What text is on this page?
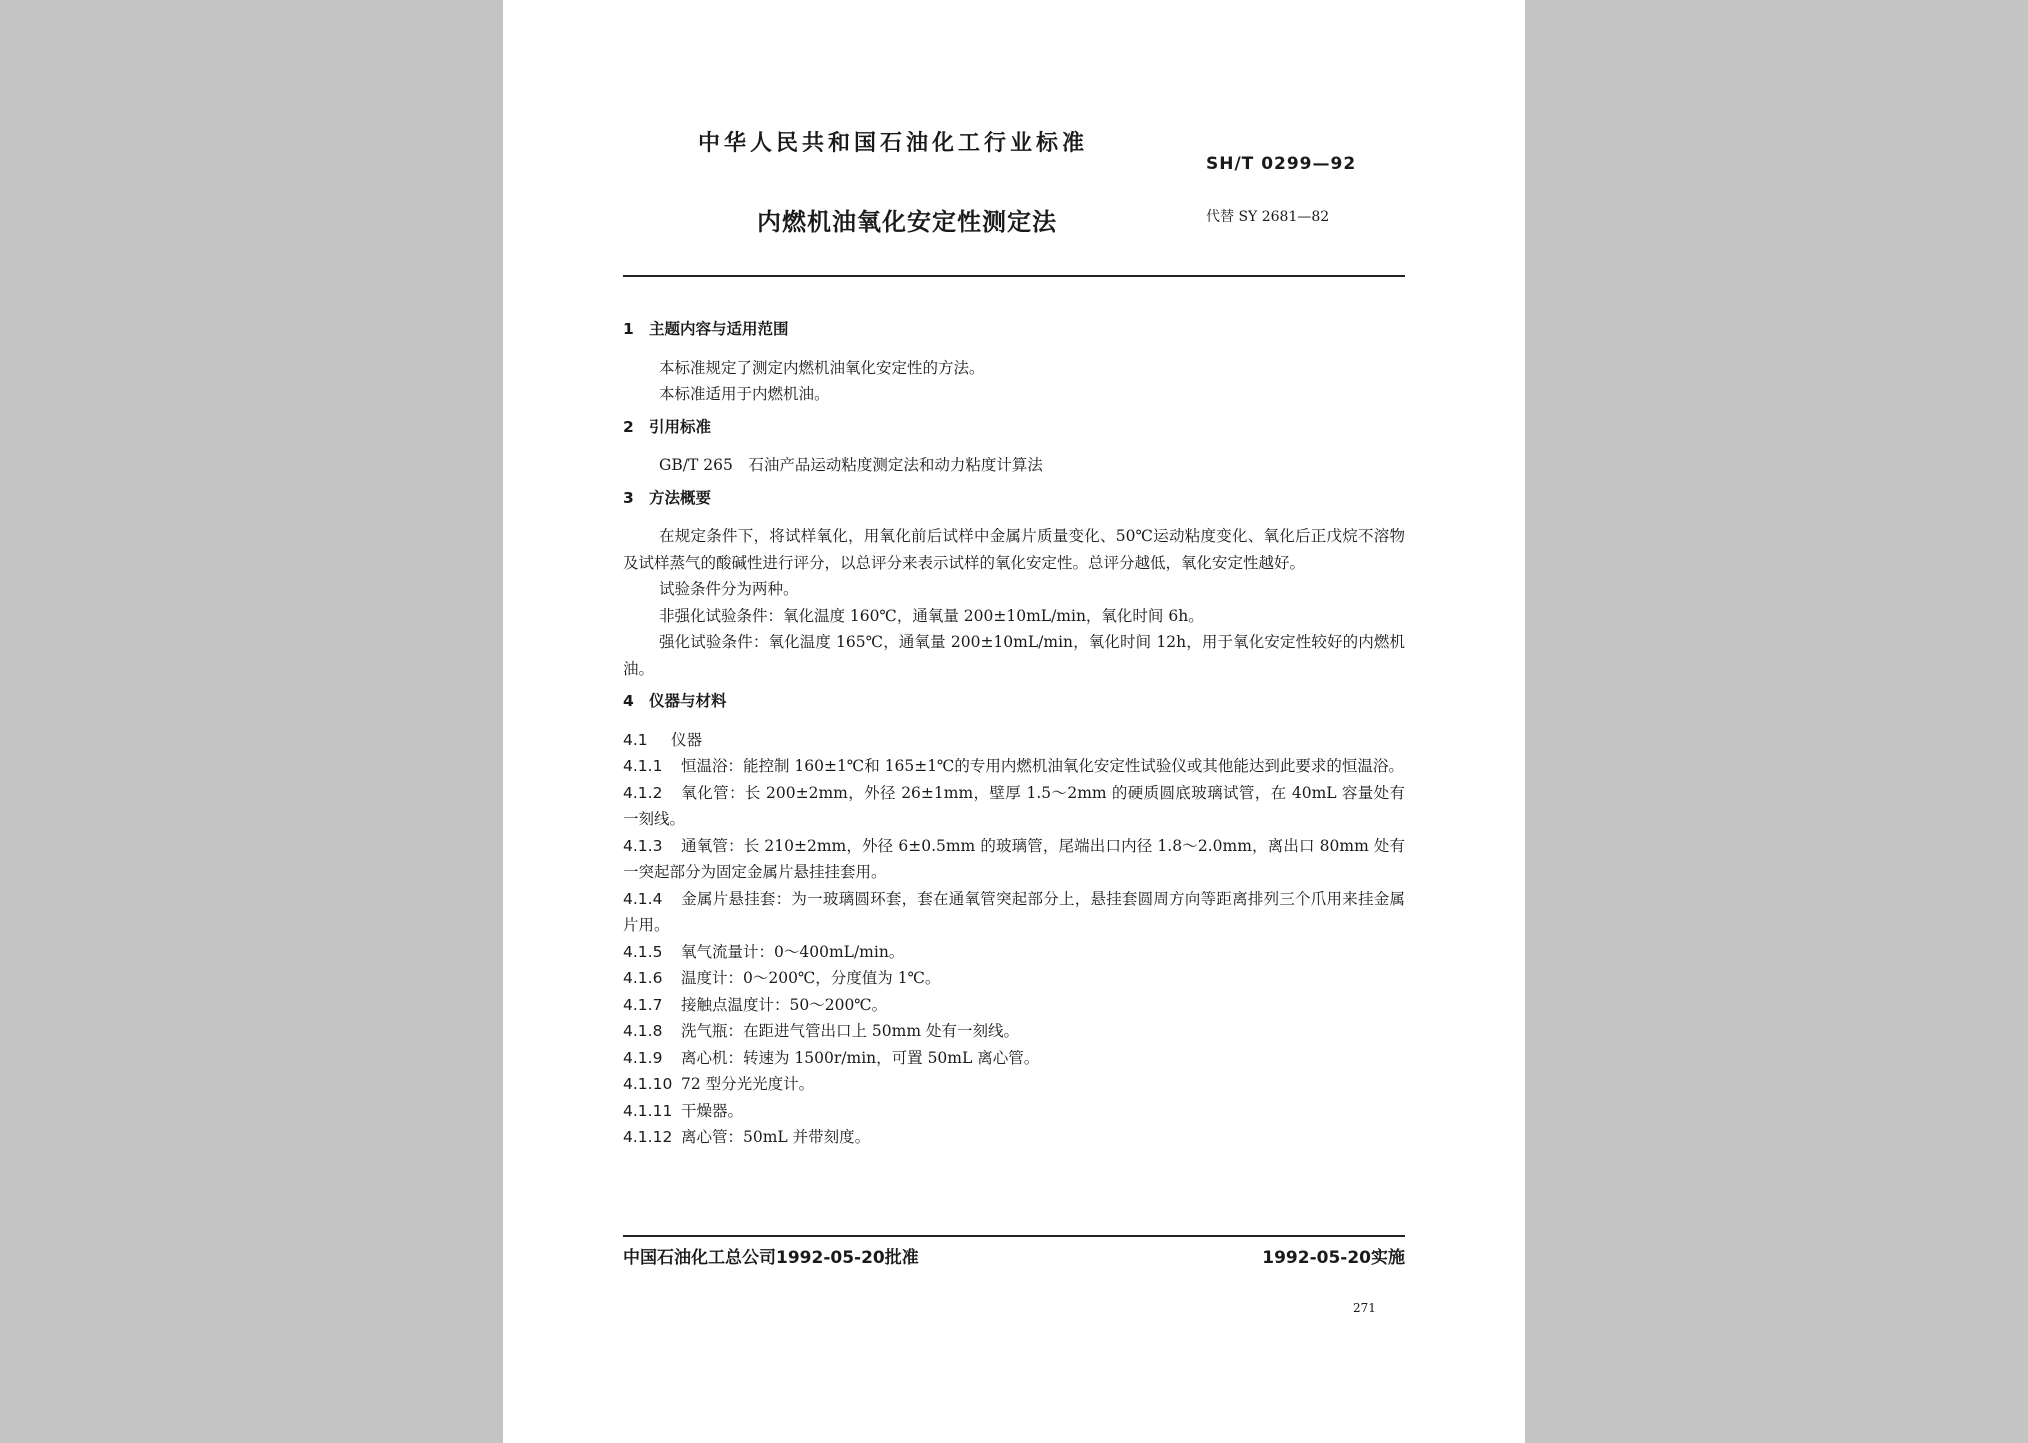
中华人民共和国石油化工行业标准
SH/T 0299—92
内燃机油氧化安定性测定法	代替 SY 2681—82

1 主题内容与适用范围

本标准规定了测定内燃机油氧化安定性的方法。

本标准适用于内燃机油。

2 引用标准

GB/T 265　石油产品运动粘度测定法和动力粘度计算法

3 方法概要

在规定条件下，将试样氧化，用氧化前后试样中金属片质量变化、50℃运动粘度变化、氧化后正戊烷不溶物及试样蒸气的酸碱性进行评分，以总评分来表示试样的氧化安定性。总评分越低，氧化安定性越好。

试验条件分为两种。

非强化试验条件：氧化温度 160℃，通氧量 200±10mL/min，氧化时间 6h。

强化试验条件：氧化温度 165℃，通氧量 200±10mL/min，氧化时间 12h，用于氧化安定性较好的内燃机油。

4 仪器与材料

4.1 仪器

4.1.1 恒温浴：能控制 160±1℃和 165±1℃的专用内燃机油氧化安定性试验仪或其他能达到此要求的恒温浴。

4.1.2 氧化管：长 200±2mm，外径 26±1mm，壁厚 1.5～2mm 的硬质圆底玻璃试管，在 40mL 容量处有一刻线。

4.1.3 通氧管：长 210±2mm，外径 6±0.5mm 的玻璃管，尾端出口内径 1.8～2.0mm，离出口 80mm 处有一突起部分为固定金属片悬挂挂套用。

4.1.4 金属片悬挂套：为一玻璃圆环套，套在通氧管突起部分上，悬挂套圆周方向等距离排列三个爪用来挂金属片用。

4.1.5 氧气流量计：0～400mL/min。

4.1.6 温度计：0～200℃，分度值为 1℃。

4.1.7 接触点温度计：50～200℃。

4.1.8 洗气瓶：在距进气管出口上 50mm 处有一刻线。

4.1.9 离心机：转速为 1500r/min，可置 50mL 离心管。

4.1.10 72 型分光光度计。

4.1.11 干燥器。

4.1.12 离心管：50mL 并带刻度。

中国石油化工总公司1992-05-20批准	1992-05-20实施
271
